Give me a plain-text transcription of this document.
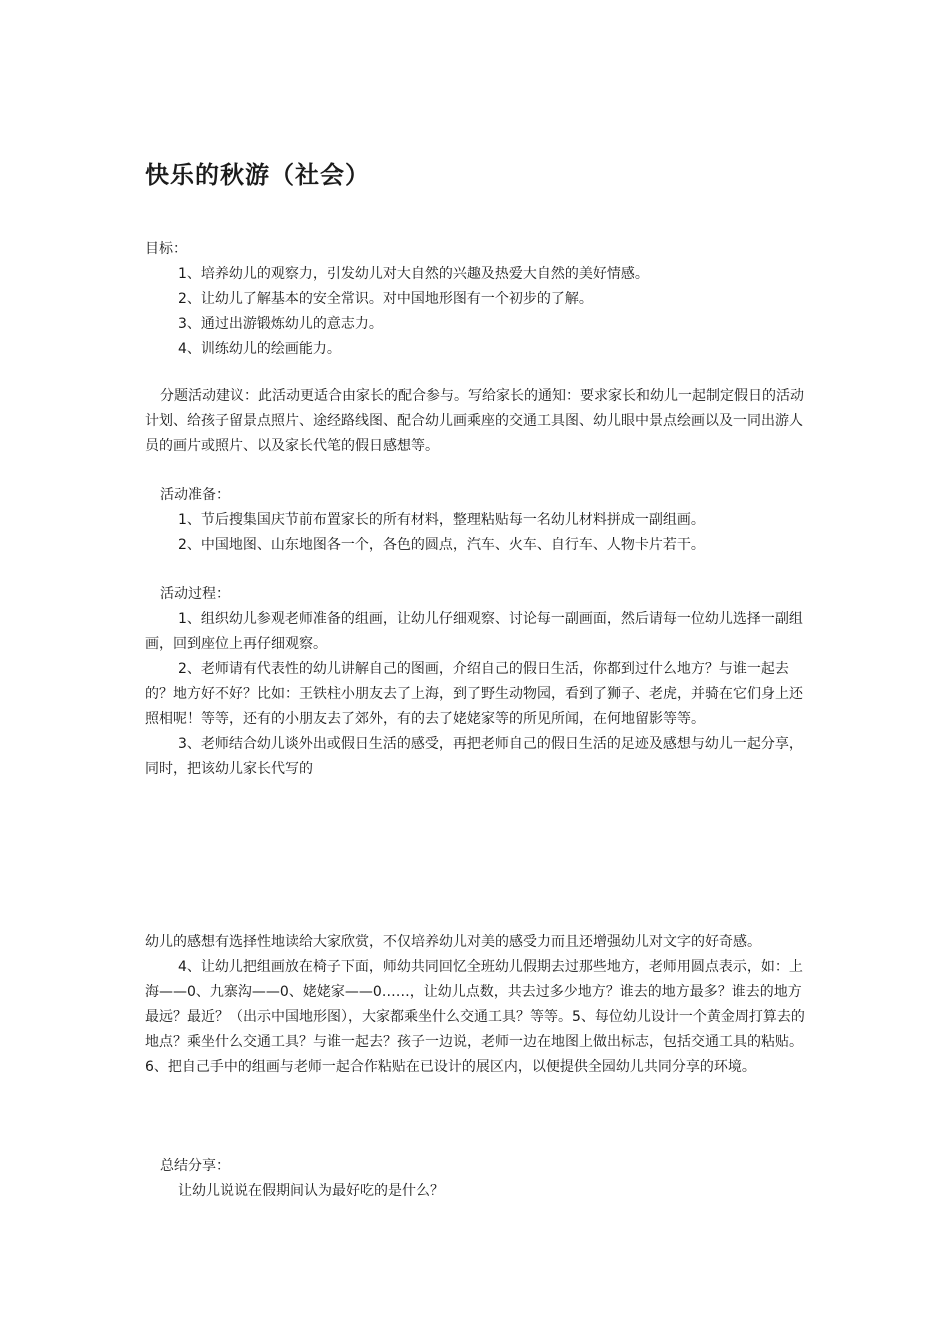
快乐的秋游（社会）

目标：

1、培养幼儿的观察力，引发幼儿对大自然的兴趣及热爱大自然的美好情感。

2、让幼儿了解基本的安全常识。对中国地形图有一个初步的了解。

3、通过出游锻炼幼儿的意志力。

4、训练幼儿的绘画能力。

分题活动建议：此活动更适合由家长的配合参与。写给家长的通知：要求家长和幼儿一起制定假日的活动计划、给孩子留景点照片、途经路线图、配合幼儿画乘座的交通工具图、幼儿眼中景点绘画以及一同出游人员的画片或照片、以及家长代笔的假日感想等。

活动准备：

1、节后搜集国庆节前布置家长的所有材料，整理粘贴每一名幼儿材料拼成一副组画。

2、中国地图、山东地图各一个，各色的圆点，汽车、火车、自行车、人物卡片若干。

活动过程：

1、组织幼儿参观老师准备的组画，让幼儿仔细观察、讨论每一副画面，然后请每一位幼儿选择一副组画，回到座位上再仔细观察。

2、老师请有代表性的幼儿讲解自己的图画，介绍自己的假日生活，你都到过什么地方？与谁一起去的？地方好不好？比如：王铁柱小朋友去了上海，到了野生动物园，看到了狮子、老虎，并骑在它们身上还照相呢！等等，还有的小朋友去了郊外，有的去了姥姥家等的所见所闻，在何地留影等等。

3、老师结合幼儿谈外出或假日生活的感受，再把老师自己的假日生活的足迹及感想与幼儿一起分享，同时，把该幼儿家长代写的

幼儿的感想有选择性地读给大家欣赏，不仅培养幼儿对美的感受力而且还增强幼儿对文字的好奇感。

4、让幼儿把组画放在椅子下面，师幼共同回忆全班幼儿假期去过那些地方，老师用圆点表示，如：上海——0、九寨沟——0、姥姥家——0……，让幼儿点数，共去过多少地方？谁去的地方最多？谁去的地方最远？最近？（出示中国地形图），大家都乘坐什么交通工具？等等。5、每位幼儿设计一个黄金周打算去的地点？乘坐什么交通工具？与谁一起去？孩子一边说，老师一边在地图上做出标志，包括交通工具的粘贴。6、把自己手中的组画与老师一起合作粘贴在已设计的展区内，以便提供全园幼儿共同分享的环境。

总结分享：

让幼儿说说在假期间认为最好吃的是什么？
